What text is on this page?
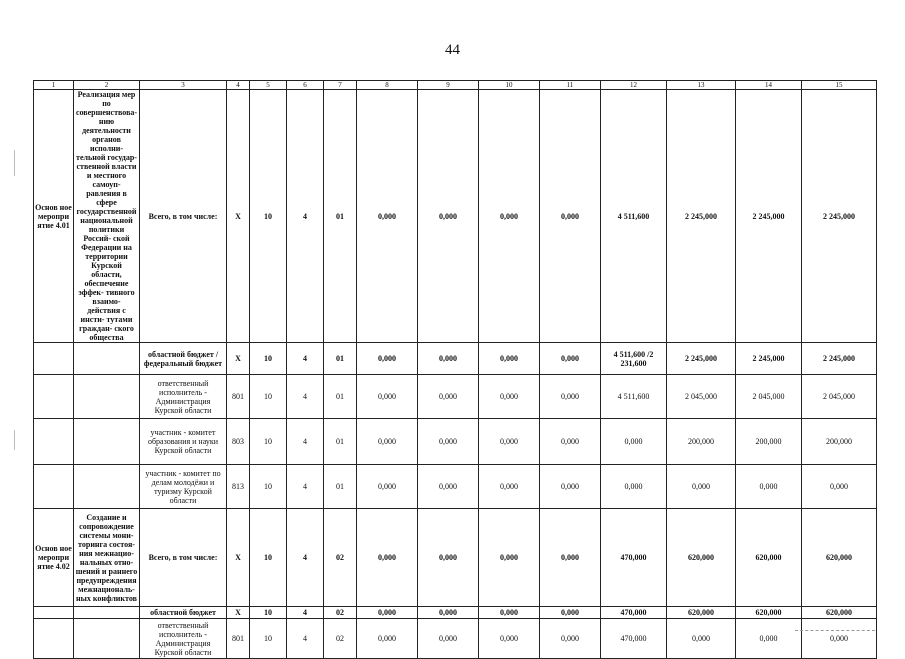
44
1	2	3	4	5	6	7	8	9	10	11	12	13	14	15
Основ ное меропри ятие 4.01	Реализация мер по совершенствова- нию деятельности органов исполни- тельной государ- ственной власти и местного самоуп- равления в сфере государственной национальной политики Россий- ской Федерации на территории Курской области, обеспечение эффек- тивного взаимо- действия с инсти- тутами граждан- ского общества	Всего, в том числе:	X	10	4	01	0,000	0,000	0,000	0,000	4 511,600	2 245,000	2 245,000	2 245,000
		областной бюджет /федеральный бюджет	X	10	4	01	0,000	0,000	0,000	0,000	4 511,600 /2 231,600	2 245,000	2 245,000	2 245,000
		ответственный исполнитель - Администрация Курской области	801	10	4	01	0,000	0,000	0,000	0,000	4 511,600	2 045,000	2 045,000	2 045,000
		участник - комитет образования и науки Курской области	803	10	4	01	0,000	0,000	0,000	0,000	0,000	200,000	200,000	200,000
		участник - комитет по делам молодёжи и туризму Курской области	813	10	4	01	0,000	0,000	0,000	0,000	0,000	0,000	0,000	0,000
Основ ное меропри ятие 4.02	Создание и сопровождение системы мони- торинга состоя- ния межнацио- нальных отно- шений и раннего предупреждения межнациональ- ных конфликтов	Всего, в том числе:	X	10	4	02	0,000	0,000	0,000	0,000	470,000	620,000	620,000	620,000
		областной бюджет	X	10	4	02	0,000	0,000	0,000	0,000	470,000	620,000	620,000	620,000
		ответственный исполнитель - Администрация Курской области	801	10	4	02	0,000	0,000	0,000	0,000	470,000	0,000	0,000	0,000
